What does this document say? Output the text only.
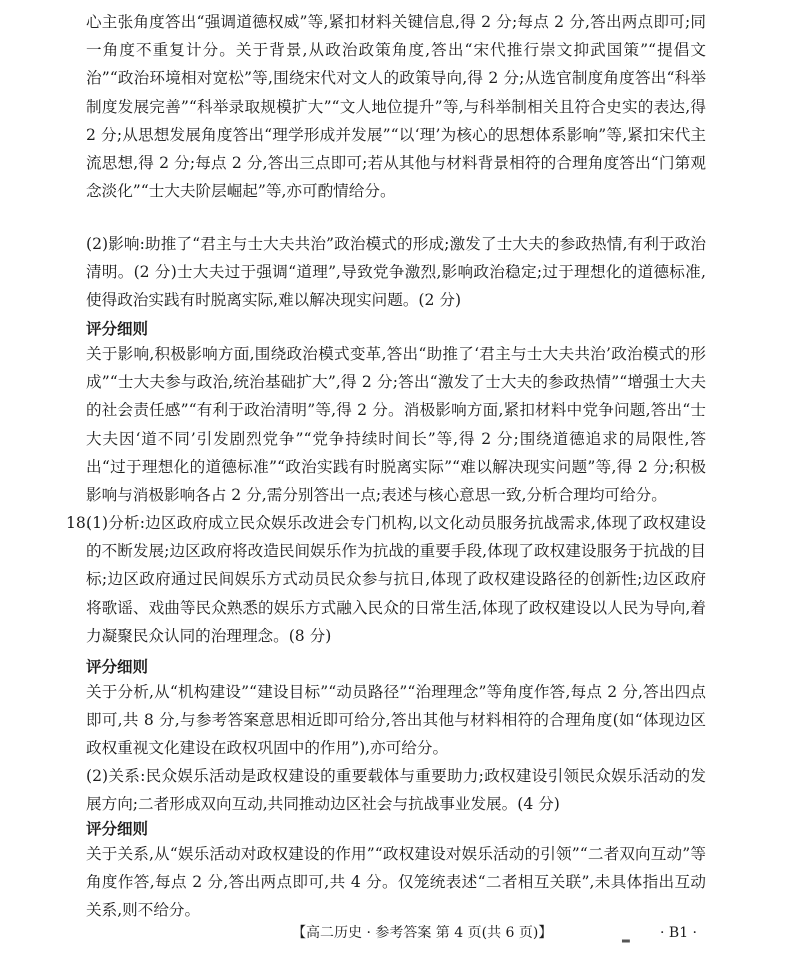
心主张角度答出“强调道德权威”等,紧扣材料关键信息,得 2 分;每点 2 分,答出两点即可;同一角度不重复计分。关于背景,从政治政策角度,答出“宋代推行崇文抑武国策”“提倡文治”“政治环境相对宽松”等,围绕宋代对文人的政策导向,得 2 分;从选官制度角度答出“科举制度发展完善”“科举录取规模扩大”“文人地位提升”等,与科举制相关且符合史实的表达,得 2 分;从思想发展角度答出“理学形成并发展”“以‘理’为核心的思想体系影响”等,紧扣宋代主流思想,得 2 分;每点 2 分,答出三点即可;若从其他与材料背景相符的合理角度答出“门第观念淡化”“士大夫阶层崛起”等,亦可酌情给分。
(2)影响:助推了“君主与士大夫共治”政治模式的形成;激发了士大夫的参政热情,有利于政治清明。(2 分)士大夫过于强调“道理”,导致党争激烈,影响政治稳定;过于理想化的道德标准,使得政治实践有时脱离实际,难以解决现实问题。(2 分)
评分细则
关于影响,积极影响方面,围绕政治模式变革,答出“助推了‘君主与士大夫共治’政治模式的形成”“士大夫参与政治,统治基础扩大”,得 2 分;答出“激发了士大夫的参政热情”“增强士大夫的社会责任感”“有利于政治清明”等,得 2 分。消极影响方面,紧扣材料中党争问题,答出“士大夫因‘道不同’引发剧烈党争”“党争持续时间长”等,得 2 分;围绕道德追求的局限性,答出“过于理想化的道德标准”“政治实践有时脱离实际”“难以解决现实问题”等,得 2 分;积极影响与消极影响各占 2 分,需分别答出一点;表述与核心意思一致,分析合理均可给分。
18.
(1)分析:边区政府成立民众娱乐改进会专门机构,以文化动员服务抗战需求,体现了政权建设的不断发展;边区政府将改造民间娱乐作为抗战的重要手段,体现了政权建设服务于抗战的目标;边区政府通过民间娱乐方式动员民众参与抗日,体现了政权建设路径的创新性;边区政府将歌谣、戏曲等民众熟悉的娱乐方式融入民众的日常生活,体现了政权建设以人民为导向,着力凝聚民众认同的治理理念。(8 分)
评分细则
关于分析,从“机构建设”“建设目标”“动员路径”“治理理念”等角度作答,每点 2 分,答出四点即可,共 8 分,与参考答案意思相近即可给分,答出其他与材料相符的合理角度(如“体现边区政权重视文化建设在政权巩固中的作用”),亦可给分。
(2)关系:民众娱乐活动是政权建设的重要载体与重要助力;政权建设引领民众娱乐活动的发展方向;二者形成双向互动,共同推动边区社会与抗战事业发展。(4 分)
评分细则
关于关系,从“娱乐活动对政权建设的作用”“政权建设对娱乐活动的引领”“二者双向互动”等角度作答,每点 2 分,答出两点即可,共 4 分。仅笼统表述“二者相互关联”,未具体指出互动关系,则不给分。
【高二历史 · 参考答案 第 4 页(共 6 页)】	▂ · B1 ·
